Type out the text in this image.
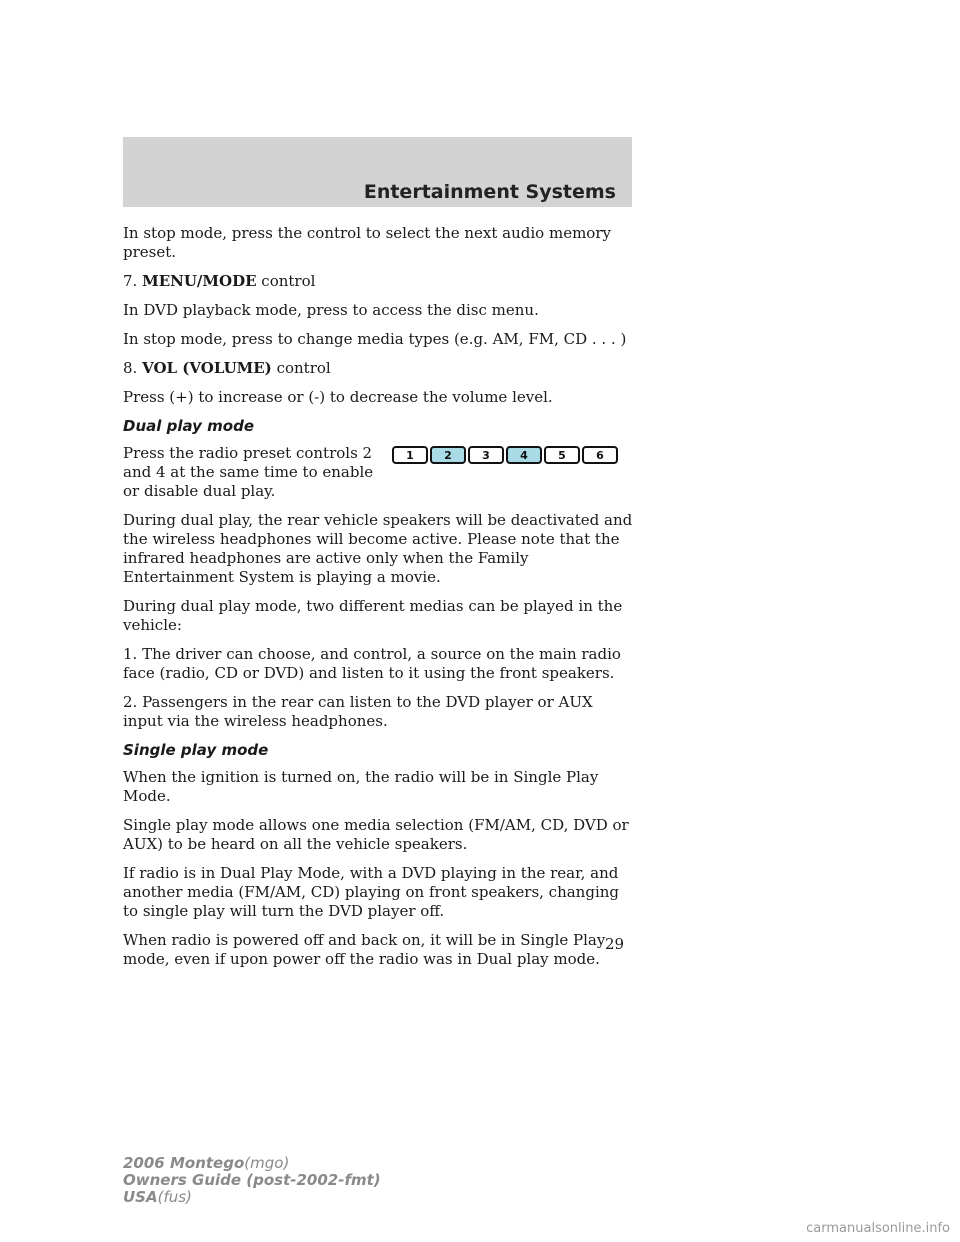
Entertainment Systems

In stop mode, press the control to select the next audio memory preset.

7. MENU/MODE control

In DVD playback mode, press to access the disc menu.

In stop mode, press to change media types (e.g. AM, FM, CD . . . )

8. VOL (VOLUME) control

Press (+) to increase or (-) to decrease the volume level.

Dual play mode

Press the radio preset controls 2 and 4 at the same time to enable or disable dual play.

1	2	3	4	5	6

During dual play, the rear vehicle speakers will be deactivated and the wireless headphones will become active. Please note that the infrared headphones are active only when the Family Entertainment System is playing a movie.

During dual play mode, two different medias can be played in the vehicle:

1. The driver can choose, and control, a source on the main radio face (radio, CD or DVD) and listen to it using the front speakers.

2. Passengers in the rear can listen to the DVD player or AUX input via the wireless headphones.

Single play mode

When the ignition is turned on, the radio will be in Single Play Mode.

Single play mode allows one media selection (FM/AM, CD, DVD or AUX) to be heard on all the vehicle speakers.

If radio is in Dual Play Mode, with a DVD playing in the rear, and another media (FM/AM, CD) playing on front speakers, changing to single play will turn the DVD player off.

When radio is powered off and back on, it will be in Single Play mode, even if upon power off the radio was in Dual play mode.

29
2006 Montego(mgo)
Owners Guide (post-2002-fmt)
USA(fus)
carmanualsonline.info
